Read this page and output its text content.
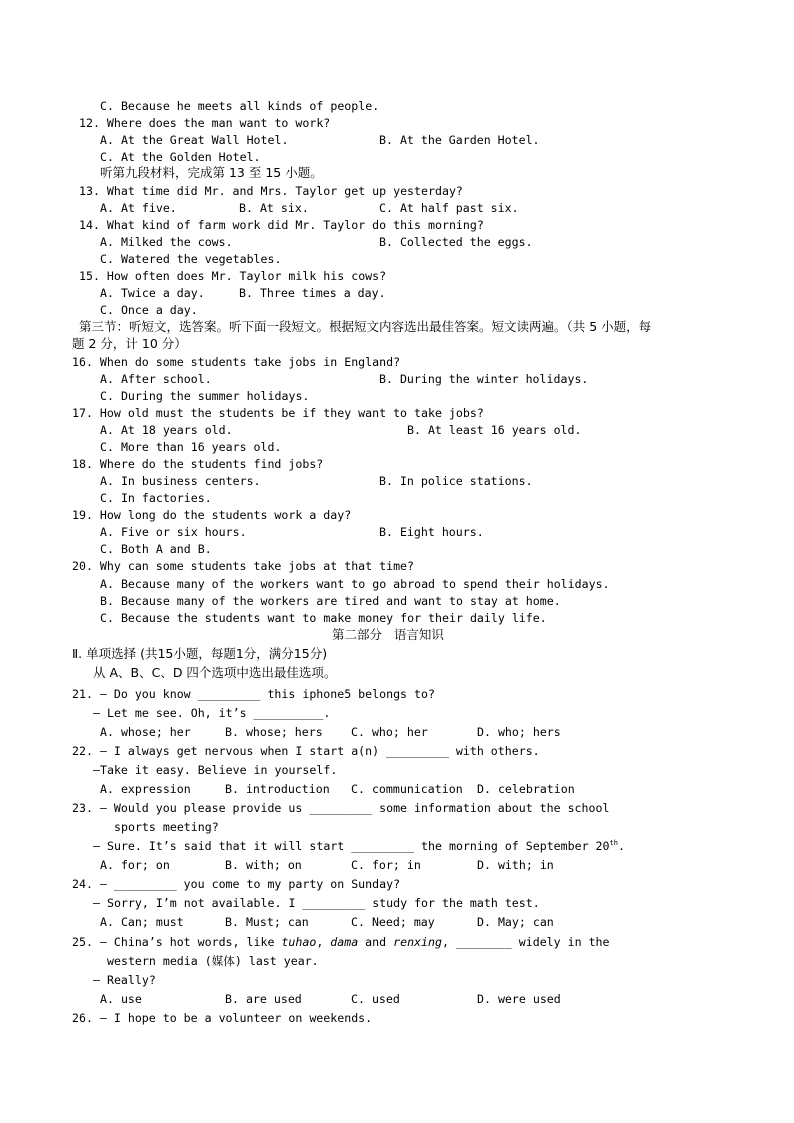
C. Because he meets all kinds of people.
12. Where does the man want to work?
A. At the Great Wall Hotel.	B. At the Garden Hotel.
C. At the Golden Hotel.
听第九段材料，完成第 13 至 15 小题。
13. What time did Mr. and Mrs. Taylor get up yesterday?
A. At five.	B. At six.	C. At half past six.
14. What kind of farm work did Mr. Taylor do this morning?
A. Milked the cows.	B. Collected the eggs.
C. Watered the vegetables.
15. How often does Mr. Taylor milk his cows?
A. Twice a day.	B. Three times a day.
C. Once a day.
第三节：听短文，选答案。听下面一段短文。根据短文内容选出最佳答案。短文读两遍。（共 5 小题，每
题 2 分，计 10 分）
16. When do some students take jobs in England?
A. After school.	B. During the winter holidays.
C. During the summer holidays.
17. How old must the students be if they want to take jobs?
A. At 18 years old.	B. At least 16 years old.
C. More than 16 years old.
18. Where do the students find jobs?
A. In business centers.	B. In police stations.
C. In factories.
19. How long do the students work a day?
A. Five or six hours.	B. Eight hours.
C. Both A and B.
20. Why can some students take jobs at that time?
A. Because many of the workers want to go abroad to spend their holidays.
B. Because many of the workers are tired and want to stay at home.
C. Because the students want to make money for their daily life.
第二部分   语言知识
Ⅱ. 单项选择 (共15小题，每题1分，满分15分)
从 A、B、C、D 四个选项中选出最佳选项。
21. — Do you know _________ this iphone5 belongs to?
— Let me see. Oh, it’s __________.
A. whose; her	B. whose; hers C. who; her	D. who; hers
22. — I always get nervous when I start a(n) _________ with others.
—Take it easy. Believe in yourself.
A. expression	B. introduction C. communication D. celebration
23. — Would you please provide us _________ some information about the school
sports meeting?
— Sure. It’s said that it will start _________ the morning of September 20th.
A. for; on	B. with; on	C. for; in	D. with; in
24. — _________ you come to my party on Sunday?
— Sorry, I’m not available. I _________ study for the math test.
A. Can; must	B. Must; can	C. Need; may	D. May; can
25. — China’s hot words, like tuhao, dama and renxing, ________ widely in the
western media (媒体) last year.
— Really?
A. use	B. are used	C. used	D. were used
26. — I hope to be a volunteer on weekends.
